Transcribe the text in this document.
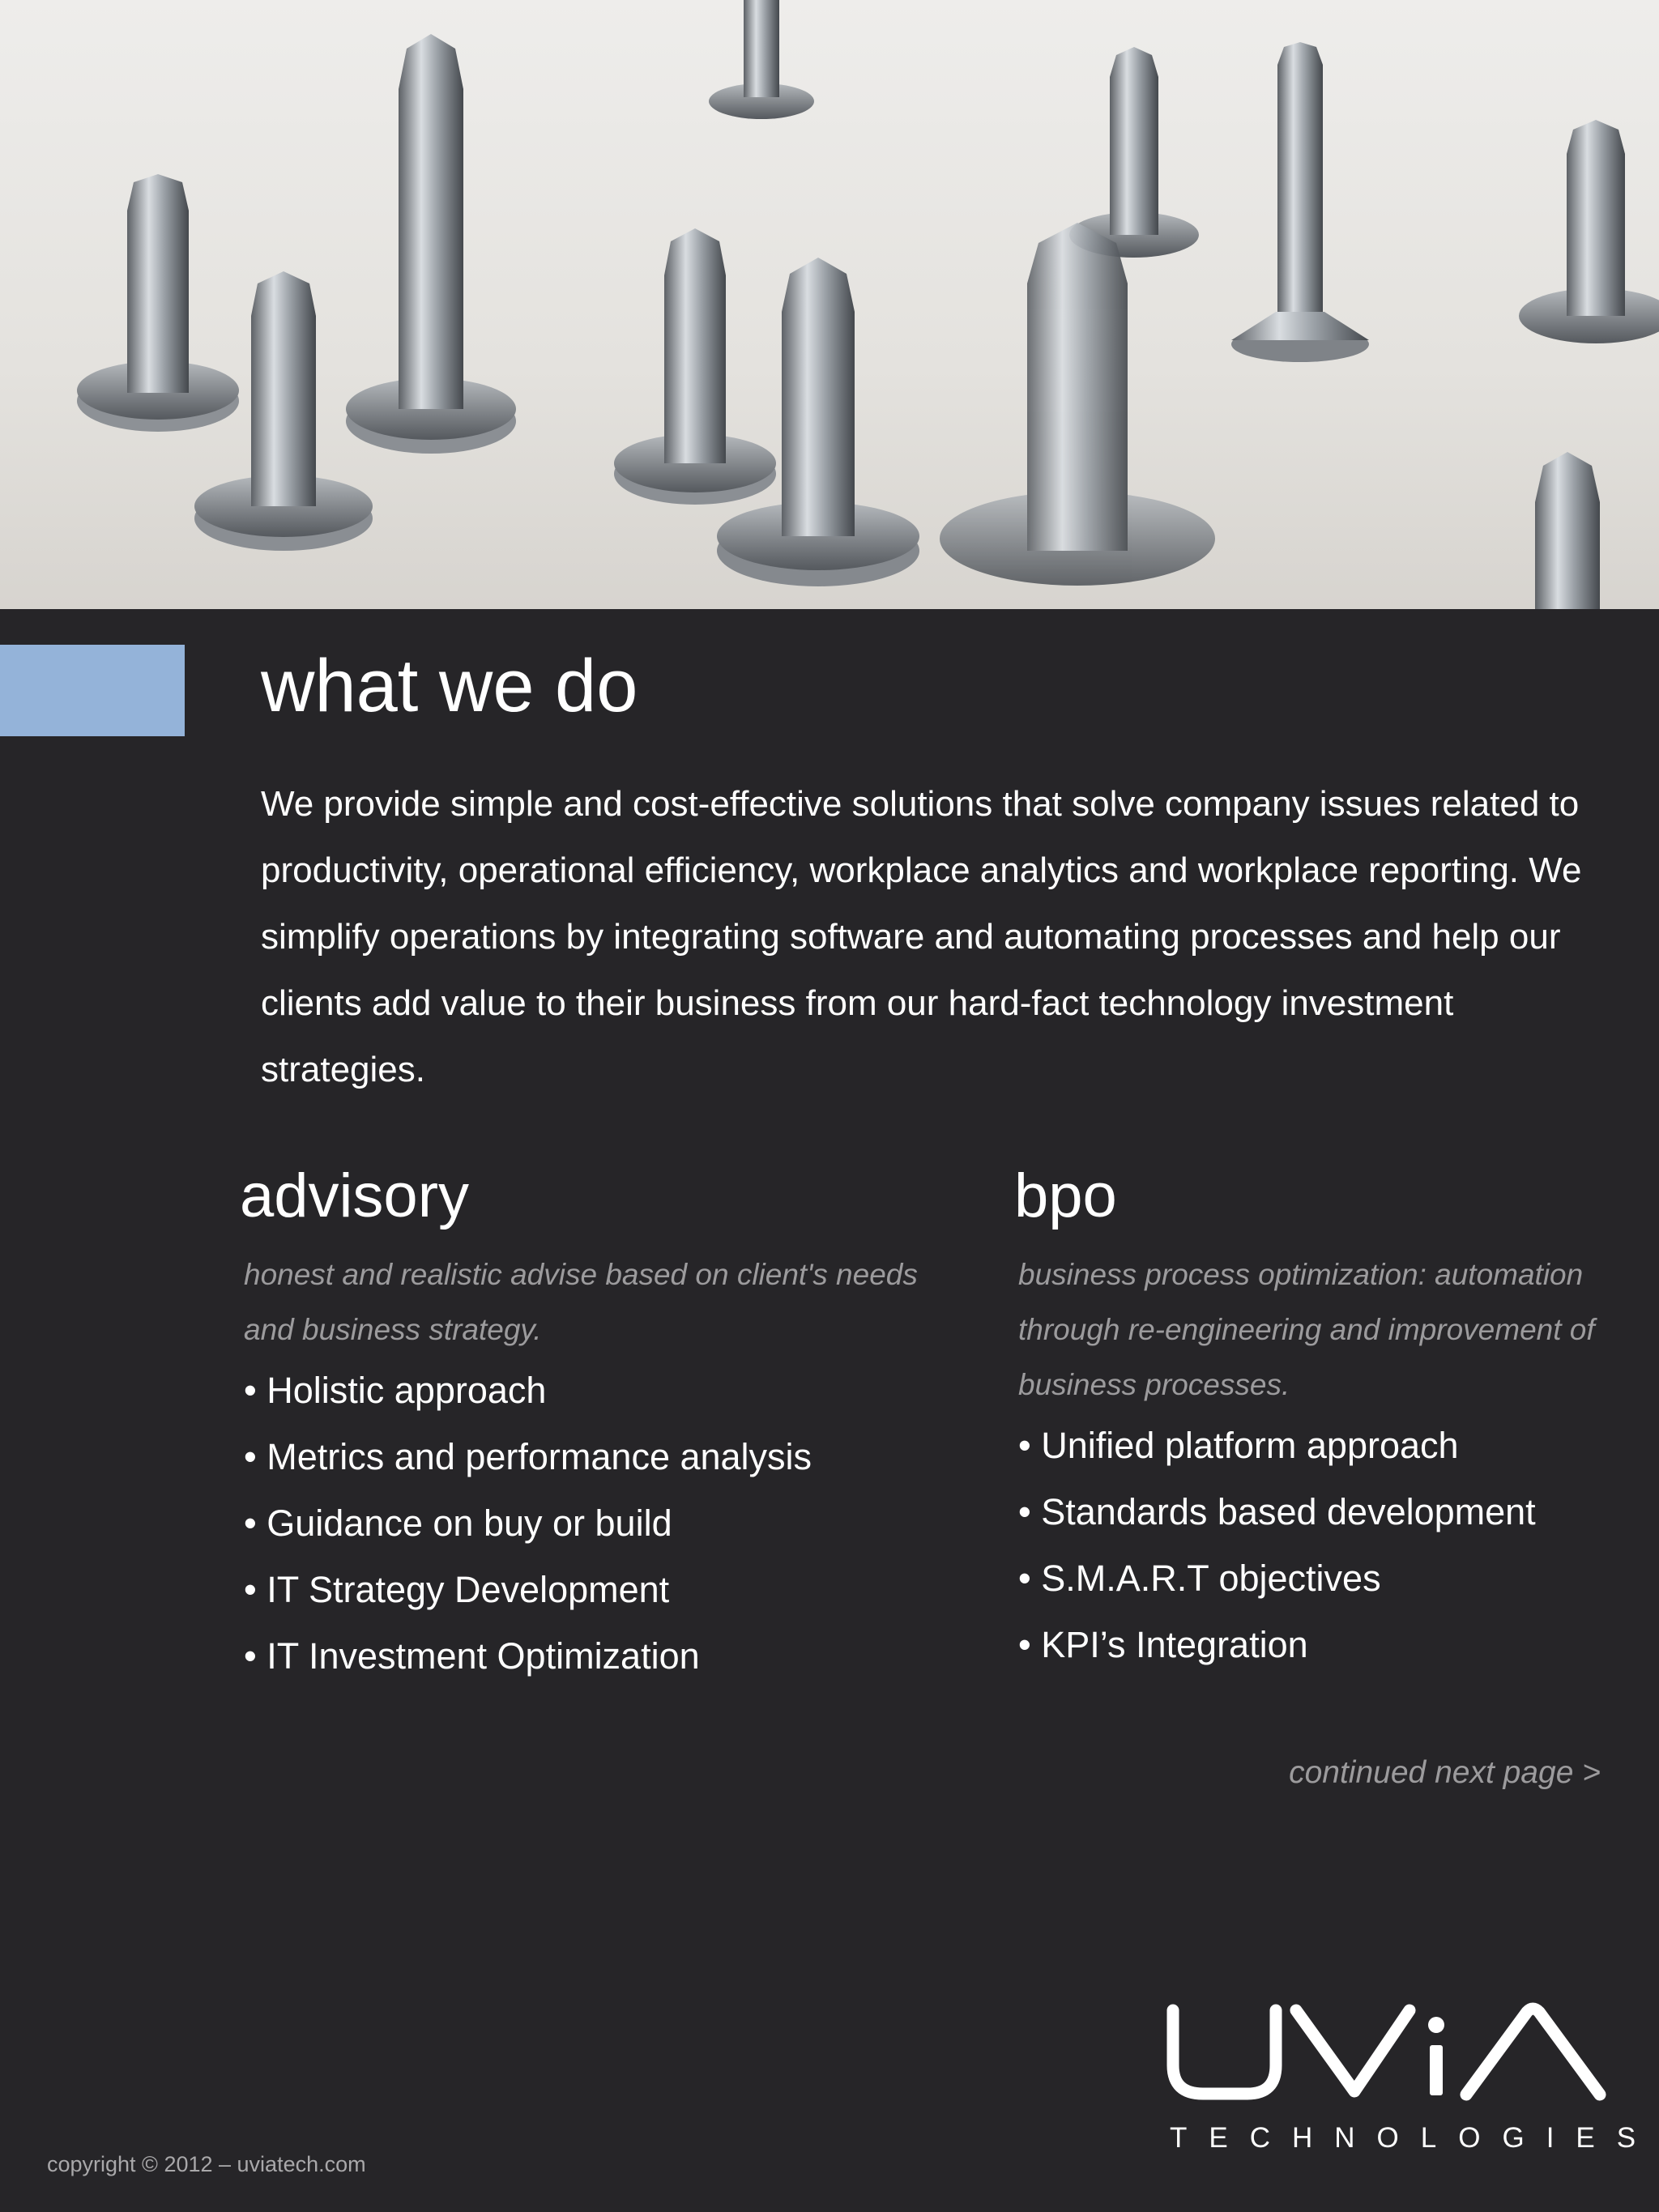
what we do

We provide simple and cost-effective solutions that solve company issues related to productivity, operational efficiency, workplace analytics and workplace reporting. We simplify operations by integrating software and automating processes and help our clients add value to their business from our hard-fact technology investment strategies.

advisory

honest and realistic advise based on client's needs and business strategy.

• Holistic approach
• Metrics and performance analysis
• Guidance on buy or build
• IT Strategy Development
• IT Investment Optimization
bpo

business process optimization: automation through re-engineering and improvement of business processes.

• Unified platform approach
• Standards based development
• S.M.A.R.T objectives
• KPI’s Integration
continued next page >
TECHNOLOGIES
copyright © 2012 – uviatech.com
